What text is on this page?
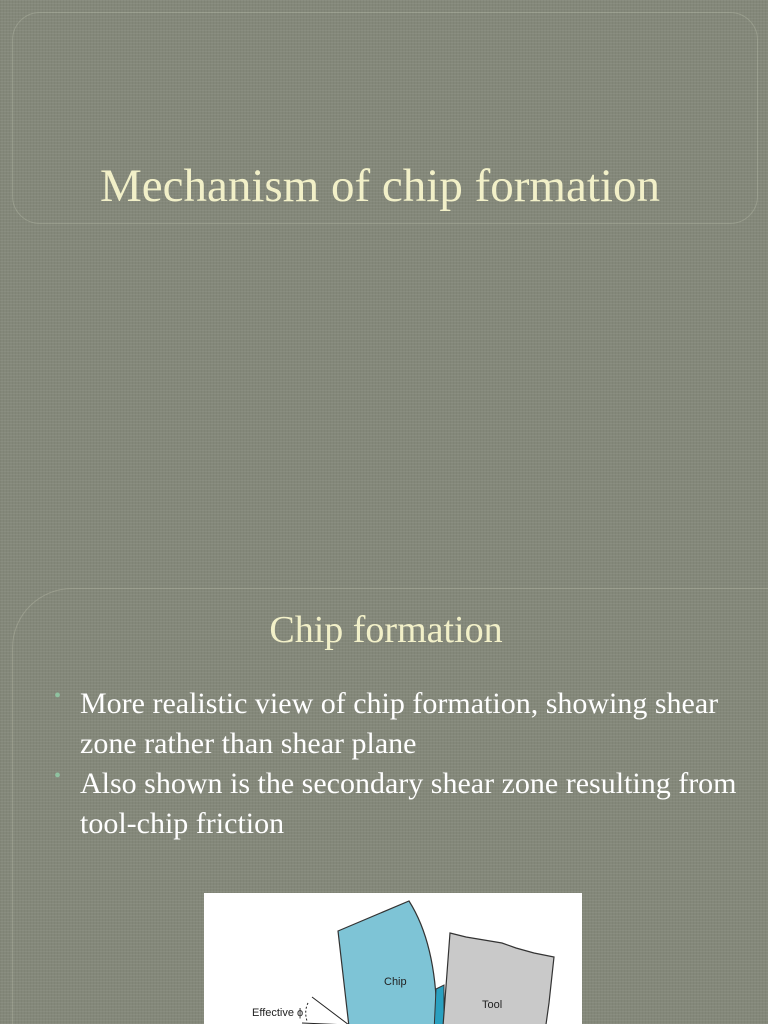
Mechanism of chip formation
Chip formation
• More realistic view of chip formation, showing shear zone rather than shear plane
• Also shown is the secondary shear zone resulting from tool-chip friction
Chip
Tool
Effective ϕ
